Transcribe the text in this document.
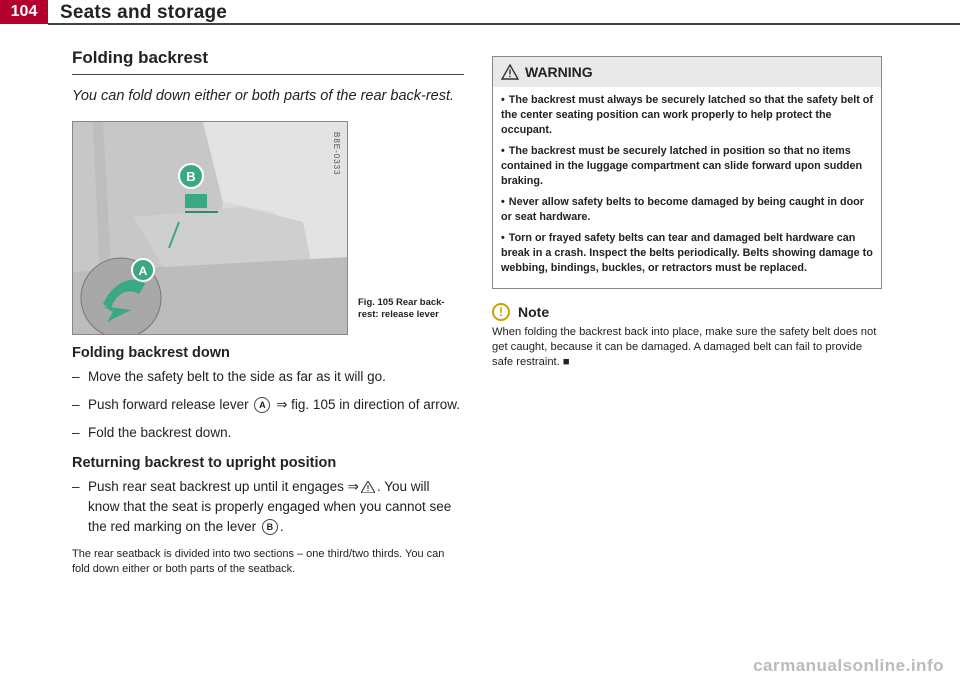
104	Seats and storage
Folding backrest

You can fold down either or both parts of the rear back-rest.

B
A
B8E-0333
Fig. 105 Rear back-rest: release lever
Folding backrest down

– Move the safety belt to the side as far as it will go.

– Push forward release lever A ⇒ fig. 105 in direction of arrow.

– Fold the backrest down.

Returning backrest to upright position

– Push rear seat backrest up until it engages ⇒ . You will know that the seat is properly engaged when you cannot see the red marking on the lever B .

The rear seatback is divided into two sections – one third/two thirds. You can fold down either or both parts of the seatback.
WARNING

• The backrest must always be securely latched so that the safety belt of the center seating position can work properly to help protect the occupant.

• The backrest must be securely latched in position so that no items contained in the luggage compartment can slide forward upon sudden braking.

• Never allow safety belts to become damaged by being caught in door or seat hardware.

• Torn or frayed safety belts can tear and damaged belt hardware can break in a crash. Inspect the belts periodically. Belts showing damage to webbing, bindings, buckles, or retractors must be replaced.

!	Note
When folding the backrest back into place, make sure the safety belt does not get caught, because it can be damaged. A damaged belt can fail to provide safe restraint. ■
carmanualsonline.info
